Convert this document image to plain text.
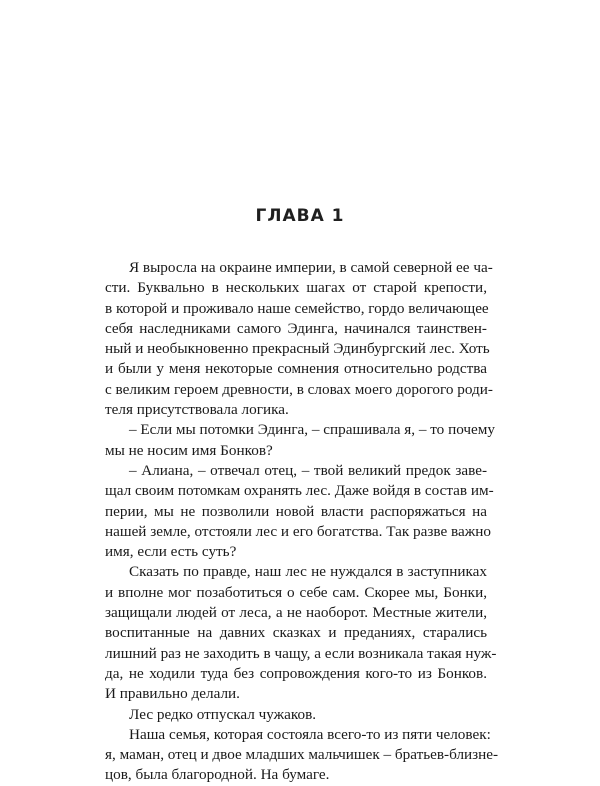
ГЛАВА 1
Я выросла на окраине империи, в самой северной ее ча-
сти. Буквально в нескольких шагах от старой крепости,
в которой и проживало наше семейство, гордо величающее
себя наследниками самого Эдинга, начинался таинствен-
ный и необыкновенно прекрасный Эдинбургский лес. Хоть
и были у меня некоторые сомнения относительно родства
с великим героем древности, в словах моего дорогого роди-
теля присутствовала логика.
– Если мы потомки Эдинга, – спрашивала я, – то почему
мы не носим имя Бонков?
– Алиана, – отвечал отец, – твой великий предок заве-
щал своим потомкам охранять лес. Даже войдя в состав им-
перии, мы не позволили новой власти распоряжаться на
нашей земле, отстояли лес и его богатства. Так разве важно
имя, если есть суть?
Сказать по правде, наш лес не нуждался в заступниках
и вполне мог позаботиться о себе сам. Скорее мы, Бонки,
защищали людей от леса, а не наоборот. Местные жители,
воспитанные на давних сказках и преданиях, старались
лишний раз не заходить в чащу, а если возникала такая нуж-
да, не ходили туда без сопровождения кого-то из Бонков.
И правильно делали.
Лес редко отпускал чужаков.
Наша семья, которая состояла всего-то из пяти человек:
я, маман, отец и двое младших мальчишек – братьев-близне-
цов, была благородной. На бумаге.
